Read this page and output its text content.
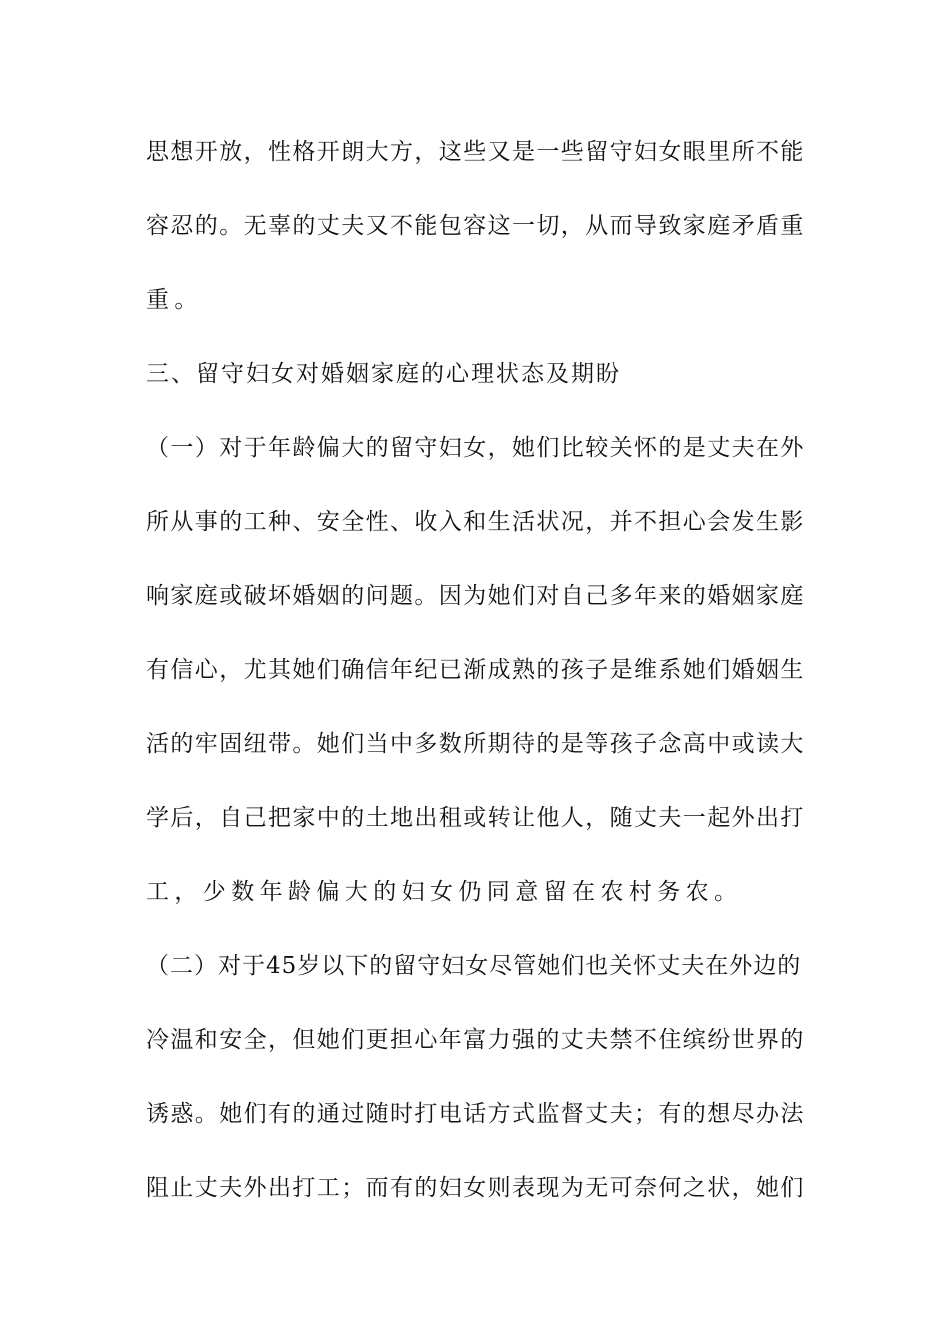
思想开放，性格开朗大方，这些又是一些留守妇女眼里所不能
容忍的。无辜的丈夫又不能包容这一切，从而导致家庭矛盾重
重。
三、留守妇女对婚姻家庭的心理状态及期盼
（一）对于年龄偏大的留守妇女，她们比较关怀的是丈夫在外
所从事的工种、安全性、收入和生活状况，并不担心会发生影
响家庭或破坏婚姻的问题。因为她们对自己多年来的婚姻家庭
有信心，尤其她们确信年纪已渐成熟的孩子是维系她们婚姻生
活的牢固纽带。她们当中多数所期待的是等孩子念高中或读大
学后，自己把家中的土地出租或转让他人，随丈夫一起外出打
工，少数年龄偏大的妇女仍同意留在农村务农。
（二）对于45岁以下的留守妇女尽管她们也关怀丈夫在外边的
冷温和安全，但她们更担心年富力强的丈夫禁不住缤纷世界的
诱惑。她们有的通过随时打电话方式监督丈夫；有的想尽办法
阻止丈夫外出打工；而有的妇女则表现为无可奈何之状，她们
